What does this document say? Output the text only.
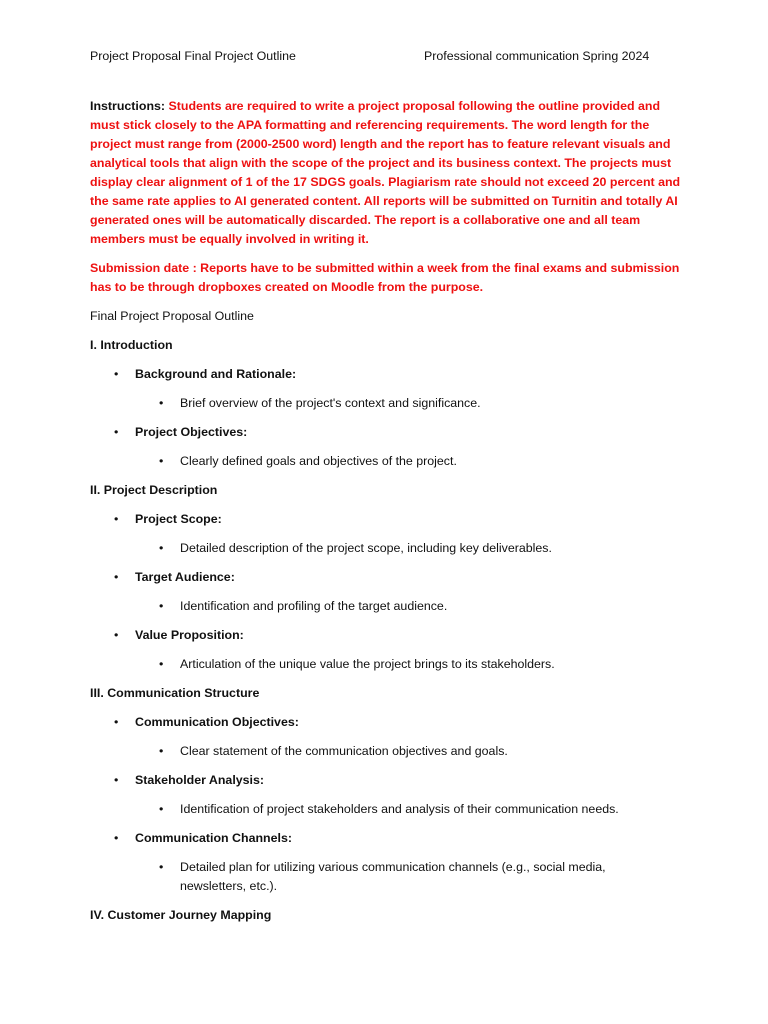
Project Proposal Final Project Outline	Professional communication Spring 2024

Instructions: Students are required to write a project proposal following the outline provided and must stick closely to the APA formatting and referencing requirements. The word length for the project must range from (2000-2500 word) length and the report has to feature relevant visuals and analytical tools that align with the scope of the project and its business context. The projects must display clear alignment of 1 of the 17 SDGS goals. Plagiarism rate should not exceed 20 percent and the same rate applies to AI generated content. All reports will be submitted on Turnitin and totally AI generated ones will be automatically discarded. The report is a collaborative one and all team members must be equally involved in writing it.

Submission date : Reports have to be submitted within a week from the final exams and submission has to be through dropboxes created on Moodle from the purpose.

Final Project Proposal Outline

I. Introduction

• Background and Rationale:
• Brief overview of the project's context and significance.
• Project Objectives:
• Clearly defined goals and objectives of the project.

II. Project Description

• Project Scope:
• Detailed description of the project scope, including key deliverables.
• Target Audience:
• Identification and profiling of the target audience.
• Value Proposition:
• Articulation of the unique value the project brings to its stakeholders.

III. Communication Structure

• Communication Objectives:
• Clear statement of the communication objectives and goals.
• Stakeholder Analysis:
• Identification of project stakeholders and analysis of their communication needs.
• Communication Channels:
• Detailed plan for utilizing various communication channels (e.g., social media, newsletters, etc.).

IV. Customer Journey Mapping
